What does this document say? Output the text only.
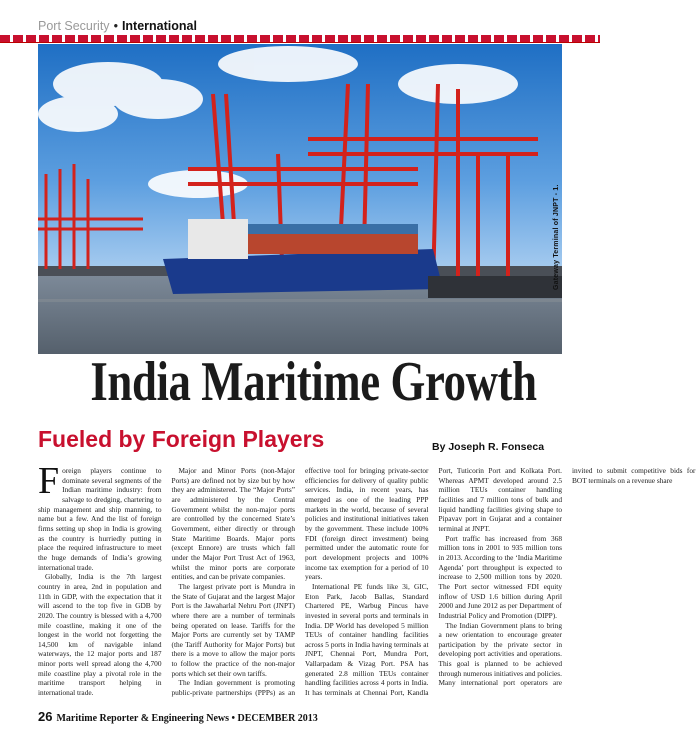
Port Security • International
Gateway Terminal of JNPT - 1.
India Maritime Growth
Fueled by Foreign Players	By Joseph R. Fonseca

Foreign players continue to dominate several segments of the Indian maritime industry: from salvage to dredging, chartering to ship management and ship manning, to name but a few. And the list of foreign firms setting up shop in India is growing as the country is hurriedly putting in place the required infrastructure to meet the huge demands of India’s growing international trade.

Globally, India is the 7th largest country in area, 2nd in population and 11th in GDP, with the expectation that it will ascend to the top five in GDB by 2020. The country is blessed with a 4,700 mile coastline, making it one of the longest in the world not forgetting the 14,500 km of navigable inland waterways, the 12 major ports and 187 minor ports well spread along the 4,700 mile coastline play a pivotal role in the maritime transport helping in international trade.

Major and Minor Ports (non-Major Ports) are defined not by size but by how they are administered. The “Major Ports” are administered by the Central Government whilst the non-major ports are controlled by the concerned State’s Government, either directly or through State Maritime Boards. Major ports (except Ennore) are trusts which fall under the Major Port Trust Act of 1963, whilst the minor ports are corporate entities, and can be private companies.

The largest private port is Mundra in the State of Gujarat and the largest Major Port is the Jawaharlal Nehru Port (JNPT) where there are a number of terminals being operated on lease. Tariffs for the Major Ports are currently set by TAMP (the Tariff Authority for Major Ports) but there is a move to allow the major ports to follow the practice of the non-major ports which set their own tariffs.

The Indian government is promoting public-private partnerships (PPPs) as an effective tool for bringing private-sector efficiencies for delivery of quality public services. India, in recent years, has emerged as one of the leading PPP markets in the world, because of several policies and institutional initiatives taken by the government. These include 100% FDI (foreign direct investment) being permitted under the automatic route for port development projects and 100% income tax exemption for a period of 10 years.

International PE funds like 3i, GIC, Eton Park, Jacob Ballas, Standard Chartered PE, Warbug Pincus have invested in several ports and terminals in India. DP World has developed 5 million TEUs of container handling facilities across 5 ports in India having terminals at JNPT, Chennai Port, Mundra Port, Vallarpadam & Vizag Port. PSA has generated 2.8 million TEUs container handling facilities across 4 ports in India. It has terminals at Chennai Port, Kandla Port, Tuticorin Port and Kolkata Port. Whereas APMT developed around 2.5 million TEUs container handling facilities and 7 million tons of bulk and liquid handling facilities giving shape to Pipavav port in Gujarat and a container terminal at JNPT.

Port traffic has increased from 368 million tons in 2001 to 935 million tons in 2013. According to the ‘India Maritime Agenda’ port throughput is expected to increase to 2,500 million tons by 2020. The Port sector witnessed FDI equity inflow of USD 1.6 billion during April 2000 and June 2012 as per Department of Industrial Policy and Promotion (DIPP).

The Indian Government plans to bring a new orientation to encourage greater participation by the private sector in developing port activities and operations. This goal is planned to be achieved through numerous initiatives and policies. Many international port operators are invited to submit competitive bids for BOT terminals on a revenue share

26 Maritime Reporter & Engineering News • DECEMBER 2013
